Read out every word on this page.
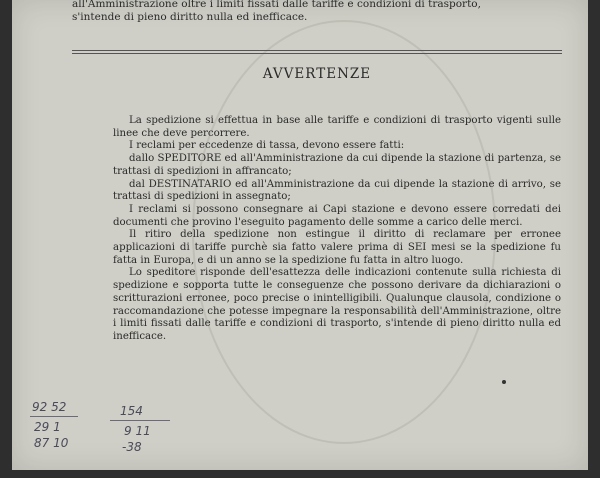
all'Amministrazione oltre i limiti fissati dalle tariffe e condizioni di trasporto,
s'intende di pieno diritto nulla ed inefficace.
AVVERTENZE

La spedizione si effettua in base alle tariffe e condizioni di trasporto vigenti sulle linee che deve percorrere.

I reclami per eccedenze di tassa, devono essere fatti:

dallo SPEDITORE ed all'Amministrazione da cui dipende la stazione di partenza, se trattasi di spedizioni in affrancato;

dal DESTINATARIO ed all'Amministrazione da cui dipende la stazione di arrivo, se trattasi di spedizioni in assegnato;

I reclami si possono consegnare ai Capi stazione e devono essere corredati dei documenti che provino l'eseguito pagamento delle somme a carico delle merci.

Il ritiro della spedizione non estingue il diritto di reclamare per erronee applicazioni di tariffe purchè sia fatto valere prima di SEI mesi se la spedizione fu fatta in Europa, e di un anno se la spedizione fu fatta in altro luogo.

Lo speditore risponde dell'esattezza delle indicazioni contenute sulla richiesta di spedizione e sopporta tutte le conseguenze che possono derivare da dichiarazioni o scritturazioni erronee, poco precise o inintelligibili. Qualunque clausola, condizione o raccomandazione che potesse impegnare la responsabilità dell'Amministrazione, oltre i limiti fissati dalle tariffe e condizioni di trasporto, s'intende di pieno diritto nulla ed inefficace.

92 52
29 1
87 10
154
9 11
-38
